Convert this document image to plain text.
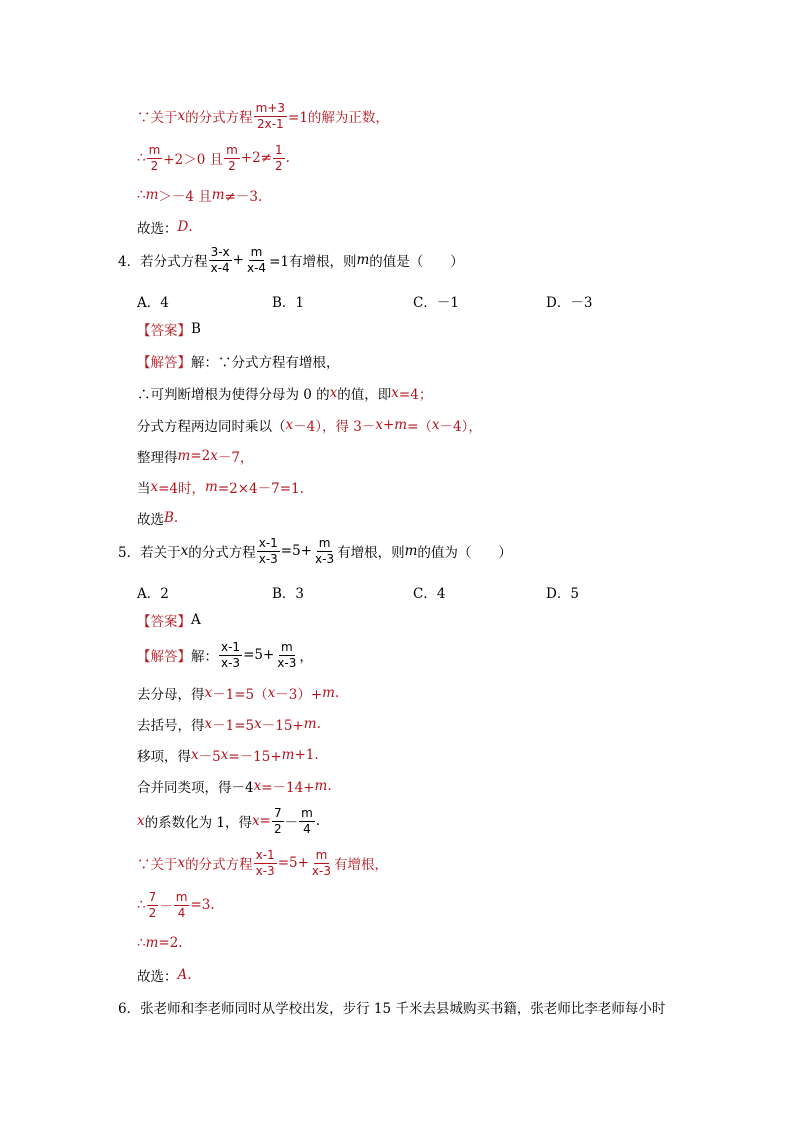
∵关于 x 的分式方程 $\frac{m+3}{2x-1} =1$的解为正数，
∴ $\frac{m}{2} +2>0$ 且 $\frac{m}{2} +2\ne \frac{1}{2}$ .
∴ m ＞－4 且 m ≠－3.
故选： D .
4． 若分式方程 $\frac{3-x}{x-4} + \frac{m}{x-4} =1$有增根，则 m 的值是（　　）
A．4	B．1	C．－1	D．－3
【答案】 B
【解答】 解：∵分式方程有增根，
∴可判断增根为使得分母为 0 的 x 的值，即 x =4；
分式方程两边同时乘以（ x －4），得 3－ x + m =（ x －4），
整理得 m =2 x －7，
当 x =4时， m =2×4－7=1.
故选 B .
5． 若关于 x 的分式方程 $\frac{x-1}{x-3} =5+ \frac{m}{x-3}$ 有增根，则 m 的值为（　　）
A．2	B．3	C．4	D．5
【答案】 A
【解答】 解： $\frac{x-1}{x-3} =5+ \frac{m}{x-3}$ ，
去分母，得 x －1=5（ x －3）+ m .
去括号，得 x －1=5 x －15+ m .
移项，得 x －5 x =－15+ m +1.
合并同类项，得－4 x =－14+ m .
x 的系数化为 1，得 $x = \frac{7}{2} - \frac{m}{4}$ .
∵关于 x 的分式方程 $\frac{x-1}{x-3} =5+ \frac{m}{x-3}$ 有增根，
∴ $\frac{7}{2} - \frac{m}{4} =3$.
∴ m =2.
故选： A .
6． 张老师和李老师同时从学校出发，步行 15 千米去县城购买书籍，张老师比李老师每小时
